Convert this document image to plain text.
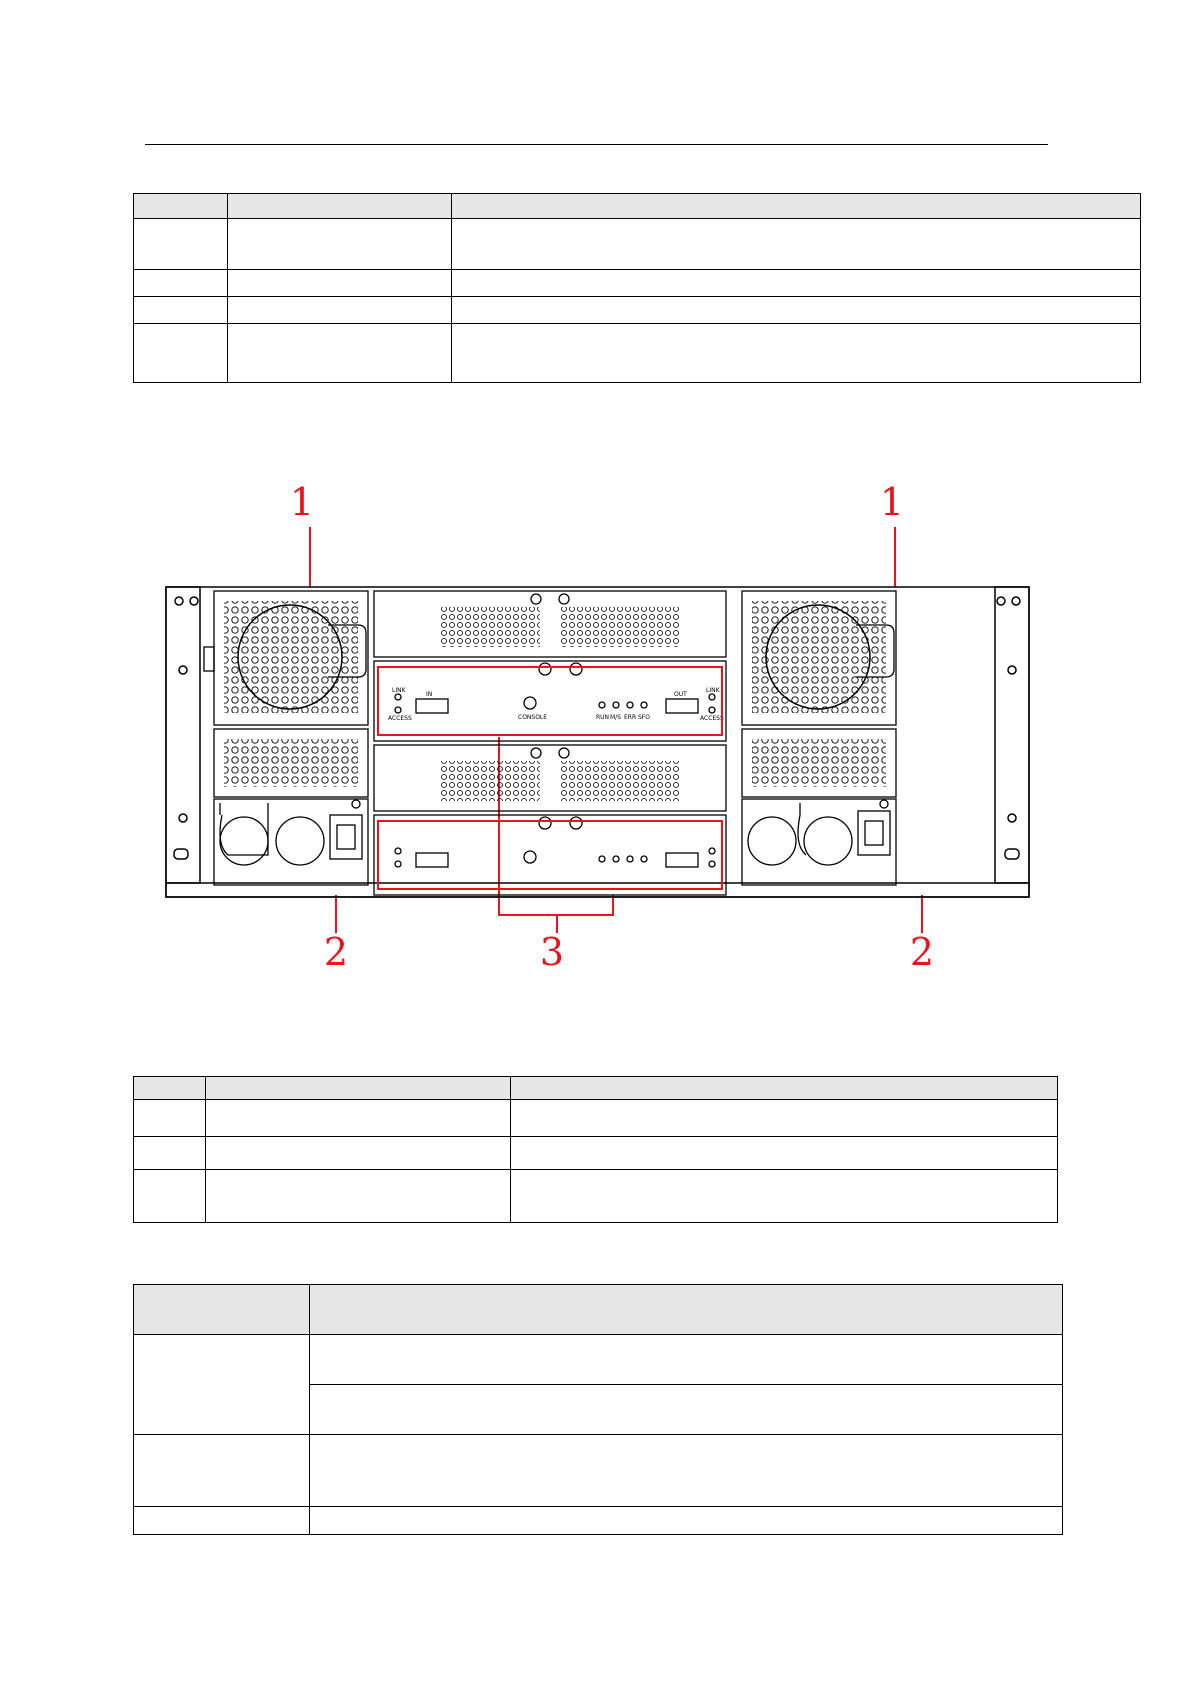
1	1
2	3	2
LINK
ACCESS
IN
CONSOLE	RUN M/S ERR SFO
OUT
LINK
ACCESS
